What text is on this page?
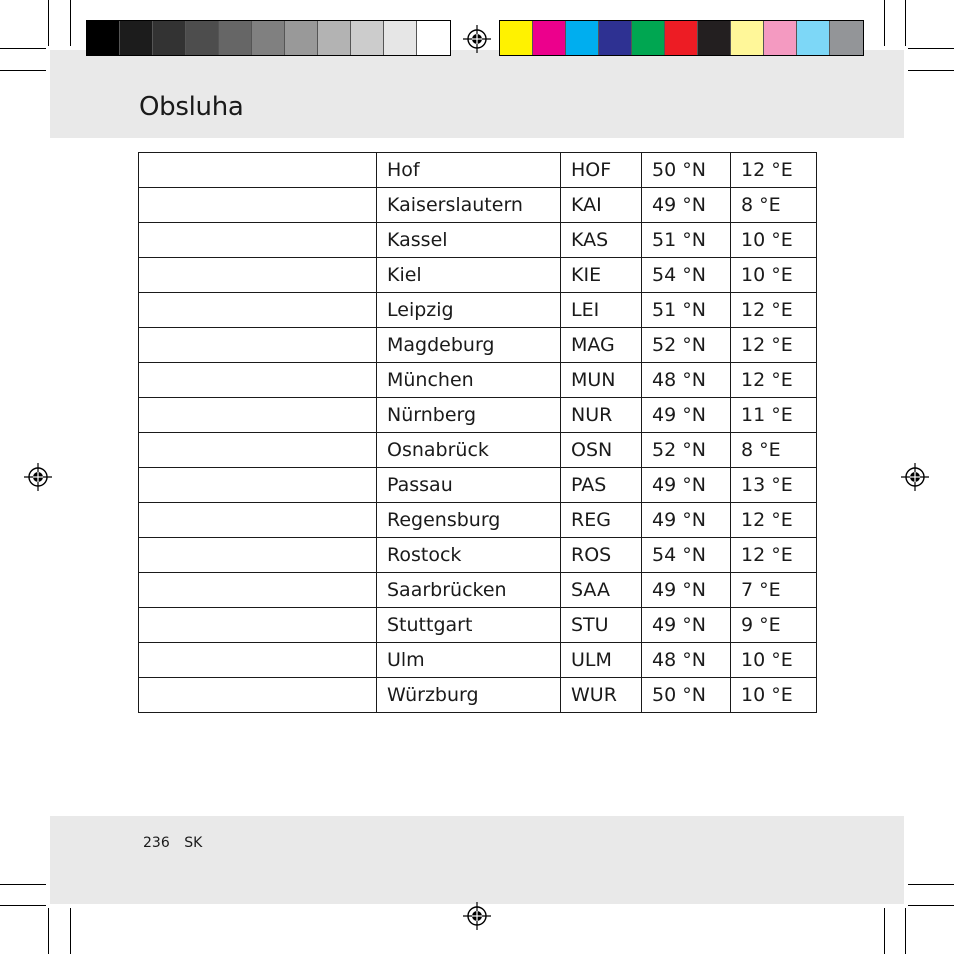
Obsluha
	Hof	HOF	50 °N	12 °E
	Kaiserslautern	KAI	49 °N	8 °E
	Kassel	KAS	51 °N	10 °E
	Kiel	KIE	54 °N	10 °E
	Leipzig	LEI	51 °N	12 °E
	Magdeburg	MAG	52 °N	12 °E
	München	MUN	48 °N	12 °E
	Nürnberg	NUR	49 °N	11 °E
	Osnabrück	OSN	52 °N	8 °E
	Passau	PAS	49 °N	13 °E
	Regensburg	REG	49 °N	12 °E
	Rostock	ROS	54 °N	12 °E
	Saarbrücken	SAA	49 °N	7 °E
	Stuttgart	STU	49 °N	9 °E
	Ulm	ULM	48 °N	10 °E
	Würzburg	WUR	50 °N	10 °E
236 SK
